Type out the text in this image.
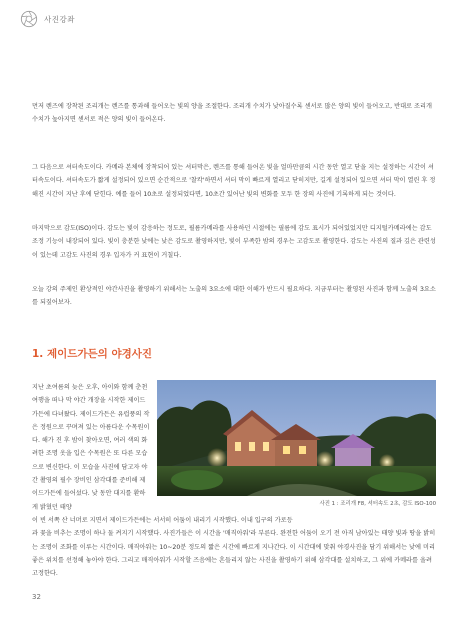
사진강좌

먼저 렌즈에 장착된 조리개는 렌즈를 통과해 들어오는 빛의 양을 조절한다. 조리개 수치가 낮아질수록 센서로 많은 양의 빛이 들어오고, 반대로 조리개 수치가 높아지면 센서로 적은 양의 빛이 들어온다.

그 다음으로 셔터속도이다. 카메라 본체에 장착되어 있는 셔터막은, 렌즈를 통해 들어온 빛을 얼마만큼의 시간 동안 열고 닫을 지는 설정하는 시간이 셔터속도이다. 셔터속도가 짧게 설정되어 있으면 순간적으로 '찰칵'하면서 셔터 막이 빠르게 열리고 닫히지만, 길게 설정되어 있으면 셔터 막이 열린 후 정해진 시간이 지난 후에 닫힌다. 예를 들어 10초로 설정되었다면, 10초간 있어난 빛의 변화를 모두 한 장의 사진에 기록하게 되는 것이다.

마지막으로 감도(ISO)이다. 감도는 빛이 감응하는 정도로, 필름카메라를 사용하던 시절에는 필름에 감도 표시가 되어있었지만 디지털카메라에는 감도 조정 기능이 내장되어 있다. 빛이 충분한 낮에는 낮은 감도로 촬영하지만, 빛이 부족한 밤의 경우는 고감도로 촬영한다. 감도는 사진의 질과 깊은 관련성이 있는데 고감도 사진의 경우 입자가 커 표현이 거칠다.

오늘 강의 주제인 환상적인 야간사진을 촬영하기 위해서는 노출의 3요소에 대한 이해가 반드시 필요하다. 지금부터는 촬영된 사진과 함께 노출의 3요소를 되짚어보자.

1. 제이드가든의 야경사진

지난 초여름의 늦은 오후, 아이와 함께 춘천여행을 떠나 막 야간 개장을 시작한 제이드가든에 다녀왔다. 제이드가든은 유럽풍의 작은 정원으로 꾸며져 있는 아름다운 수목원이다. 해가 진 후 밤이 찾아오면, 여러 색의 화려한 조명 옷을 입은 수목원은 또 다른 모습으로 변신한다. 이 모습을 사진에 담고자 야간 촬영의 필수 장비인 삼각대를 준비해 제이드가든에 들어섰다. 낮 동안 대지를 환하게 밝혔던 태양	사진 1 : 조리개 F8, 셔터속도 2초, 감도 ISO-100

이 빈 서쪽 산 너머로 지면서 제이드가든에는 서서히 어둠이 내리기 시작했다. 이내 입구의 가로등
과 꽃을 비추는 조명이 하나 둘 켜지기 시작했다. 사진가들은 이 시간을 '매직아워'라 부른다. 완전한 어둠이 오기 전 아직 남아있는 태양 빛과 땅을 밝히는 조명이 조화를 이루는 시간이다. 매직아워는 10~20분 정도의 짧은 시간에 빠르게 지나간다. 이 시간대에 맞춰 야경사진을 담기 위해서는 낮에 미리 좋은 위치를 선정해 놓아야 한다. 그리고 매직아워가 시작할 즈음에는 흔들리지 않는 사진을 촬영하기 위해 삼각대를 설치하고, 그 위에 카메라를 올려 고정한다.

32
